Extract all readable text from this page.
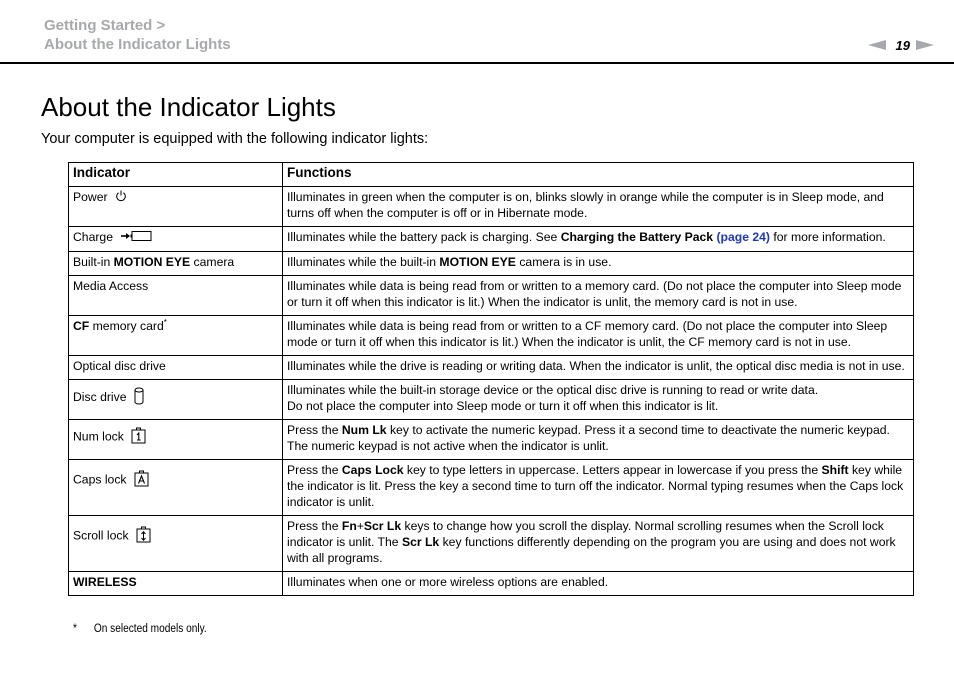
Getting Started >
About the Indicator Lights	19
About the Indicator Lights
Your computer is equipped with the following indicator lights:
Indicator	Functions
Power	Illuminates in green when the computer is on, blinks slowly in orange while the computer is in Sleep mode, and turns off when the computer is off or in Hibernate mode.
Charge	Illuminates while the battery pack is charging. See Charging the Battery Pack (page 24) for more information.
Built-in MOTION EYE camera	Illuminates while the built-in MOTION EYE camera is in use.
Media Access	Illuminates while data is being read from or written to a memory card. (Do not place the computer into Sleep mode or turn it off when this indicator is lit.) When the indicator is unlit, the memory card is not in use.
CF memory card*	Illuminates while data is being read from or written to a CF memory card. (Do not place the computer into Sleep mode or turn it off when this indicator is lit.) When the indicator is unlit, the CF memory card is not in use.
Optical disc drive	Illuminates while the drive is reading or writing data. When the indicator is unlit, the optical disc media is not in use.
Disc drive	Illuminates while the built-in storage device or the optical disc drive is running to read or write data.
Do not place the computer into Sleep mode or turn it off when this indicator is lit.

Num lock	Press the Num Lk key to activate the numeric keypad. Press it a second time to deactivate the numeric keypad. The numeric keypad is not active when the indicator is unlit.

Caps lock	Press the Caps Lock key to type letters in uppercase. Letters appear in lowercase if you press the Shift key while the indicator is lit. Press the key a second time to turn off the indicator. Normal typing resumes when the Caps lock indicator is unlit.

Scroll lock	Press the Fn+Scr Lk keys to change how you scroll the display. Normal scrolling resumes when the Scroll lock indicator is unlit. The Scr Lk key functions differently depending on the program you are using and does not work with all programs.
WIRELESS	Illuminates when one or more wireless options are enabled.
* On selected models only.
